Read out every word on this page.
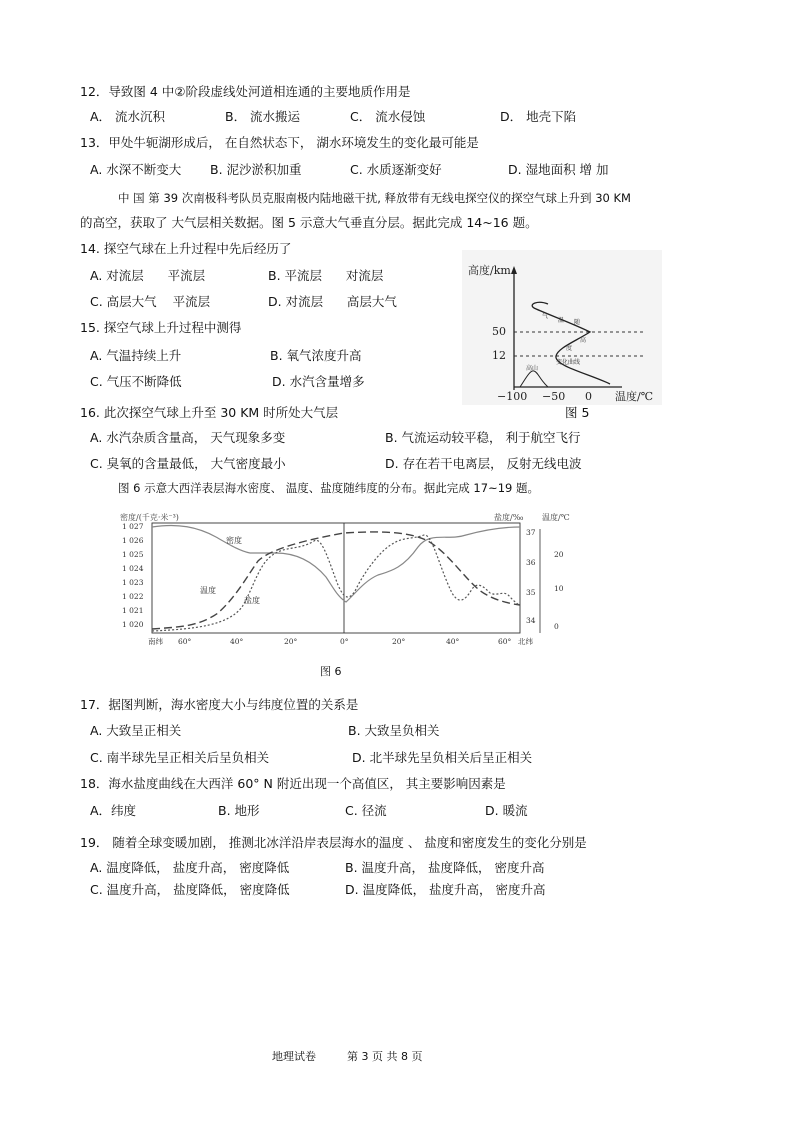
12．导致图 4 中②阶段虚线处河道相连通的主要地质作用是
A． 流水沉积	B． 流水搬运	C． 流水侵蚀	D． 地壳下陷
13．甲处牛轭湖形成后， 在自然状态下， 湖水环境发生的变化最可能是
A. 水深不断变大 B. 泥沙淤积加重	C. 水质逐渐变好	D. 湿地面积 增 加
中 国 第 39 次南极科考队员克服南极内陆地磁干扰, 释放带有无线电探空仪的探空气球上升到 30 KM
的高空，获取了 大气层相关数据。图 5 示意大气垂直分层。据此完成 14~16 题。
14. 探空气球在上升过程中先后经历了
A. 对流层      平流层	B. 平流层      对流层
C. 高层大气    平流层	D. 对流层      高层大气
15. 探空气球上升过程中测得
A. 气温持续上升	B. 氧气浓度升高
C. 气压不断降低	D. 水汽含量增多
高度/km
50
12
−100 −50 0 温度/℃
气
温 随
高
度
变化曲线
高山
图 5
16. 此次探空气球上升至 30 KM 时所处大气层
A. 水汽杂质含量高， 天气现象多变	B. 气流运动较平稳， 利于航空飞行
C. 臭氧的含量最低， 大气密度最小	D. 存在若干电离层， 反射无线电波
图 6 示意大西洋表层海水密度、 温度、盐度随纬度的分布。据此完成 17~19 题。
密度/(千克·米⁻³)	盐度/‰ 温度/℃
1 027
1 026
1 025
1 024
1 023
1 022
1 021
1 020
37
36
35
34
20
10
0
南纬 60°	40°	20°	0°	20°	40°	60° 北纬
密度
温度
盐度
图 6
17．据图判断，海水密度大小与纬度位置的关系是
A. 大致呈正相关	B. 大致呈负相关
C. 南半球先呈正相关后呈负相关	D. 北半球先呈负相关后呈正相关
18．海水盐度曲线在大西洋 60° N 附近出现一个高值区， 其主要影响因素是
A．纬度	B. 地形	C. 径流	D. 暖流
19． 随着全球变暖加剧， 推测北冰洋沿岸表层海水的温度 、 盐度和密度发生的变化分别是
A. 温度降低， 盐度升高， 密度降低	B. 温度升高， 盐度降低， 密度升高
C. 温度升高， 盐度降低， 密度降低	D. 温度降低， 盐度升高， 密度升高
地理试卷	第 3 页 共 8 页
